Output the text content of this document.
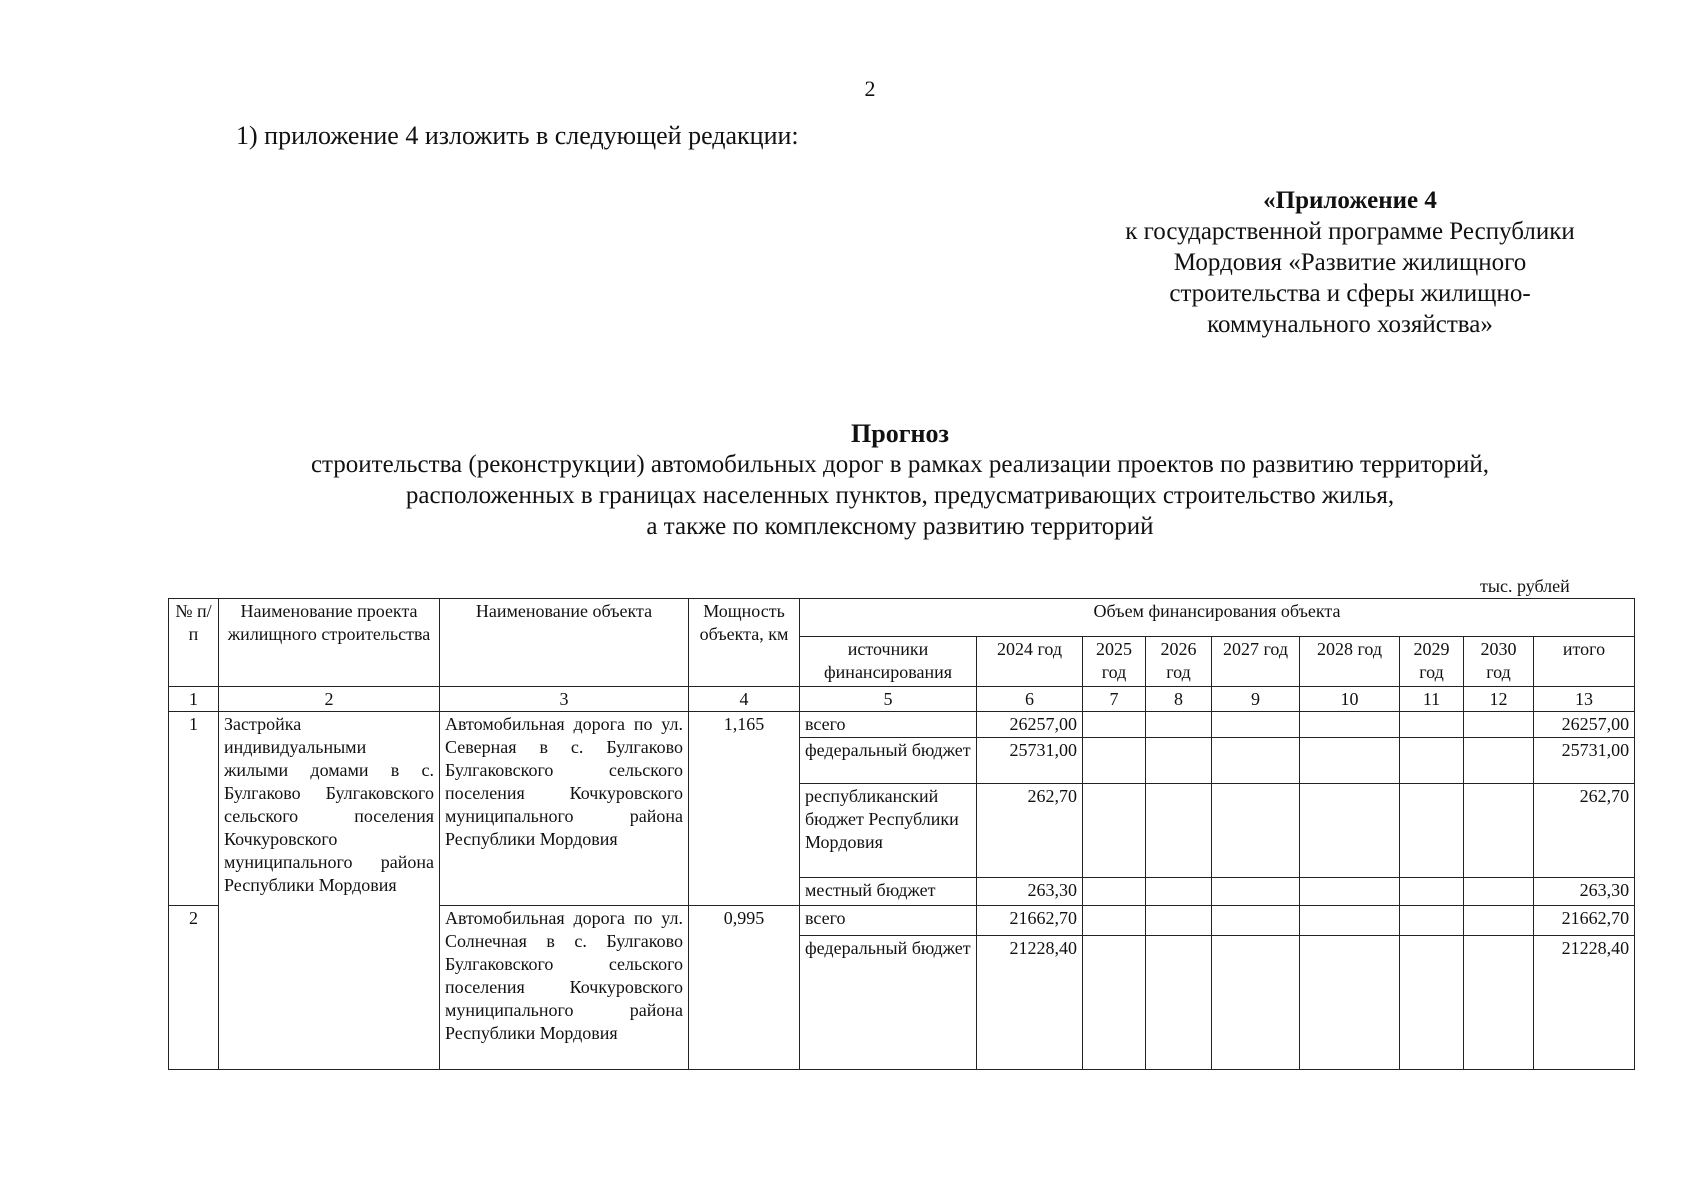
2
1) приложение 4 изложить в следующей редакции:
«Приложение 4
к государственной программе Республики
Мордовия «Развитие жилищного
строительства и сферы жилищно-
коммунального хозяйства»
Прогноз
строительства (реконструкции) автомобильных дорог в рамках реализации проектов по развитию территорий,
расположенных в границах населенных пунктов, предусматривающих строительство жилья,
а также по комплексному развитию территорий
тыс. рублей
№ п/п	Наименование проекта жилищного строительства	Наименование объекта	Мощность объекта, км	Объем финансирования объекта								
				источники финансирования	2024 год	2025 год	2026 год	2027 год	2028 год	2029 год	2030 год	итого
1	2	3	4	5	6	7	8	9	10	11	12	13
1	Застройка индивидуальными жилыми домами в с. Булгаково Булгаковского сельского поселения Кочкуровского муниципального района Республики Мордовия	Автомобильная дорога по ул. Северная в с. Булгаково Булгаковского сельского поселения Кочкуровского муниципального района Республики Мордовия	1,165	всего	26257,00							26257,00
				федеральный бюджет	25731,00							25731,00
				республиканский бюджет Республики Мордовия	262,70							262,70
				местный бюджет	263,30							263,30
2		Автомобильная дорога по ул. Солнечная в с. Булгаково Булгаковского сельского поселения Кочкуровского муниципального района Республики Мордовия	0,995	всего	21662,70							21662,70
				федеральный бюджет	21228,40							21228,40
